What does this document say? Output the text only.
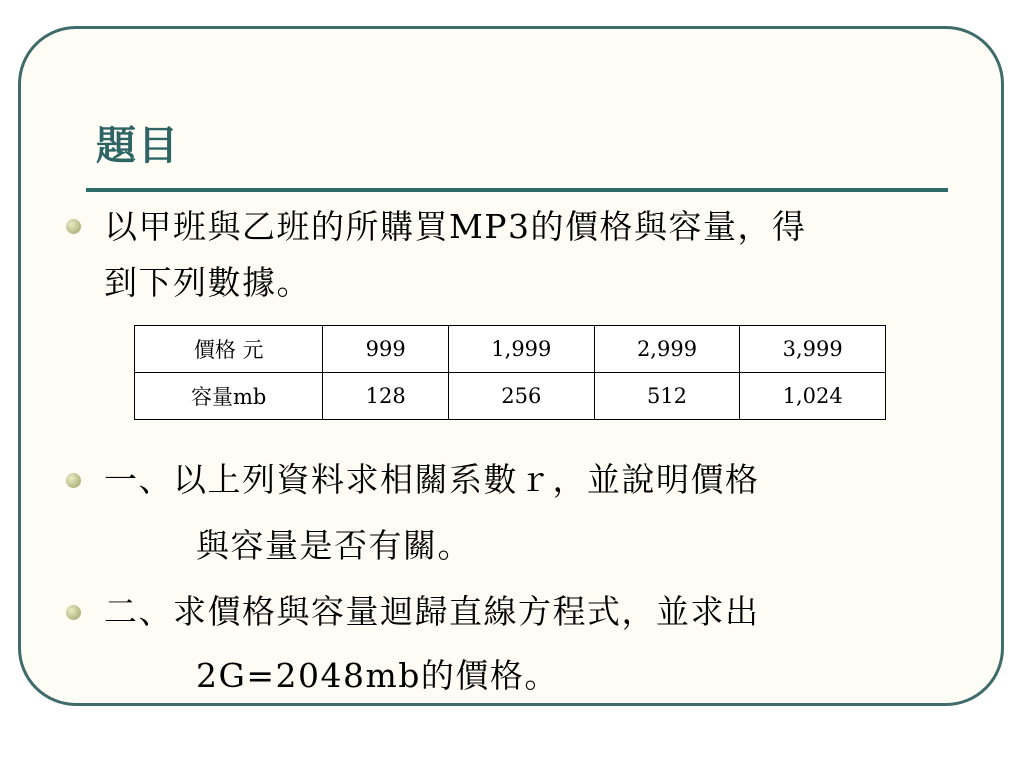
題目
以甲班與乙班的所購買MP3的價格與容量，得
到下列數據。
價格 元	999	1,999	2,999	3,999
容量mb	128	256	512	1,024
一、以上列資料求相關系數ｒ，並說明價格
與容量是否有關。
二、求價格與容量迴歸直線方程式，並求出
2G=2048mb的價格。
